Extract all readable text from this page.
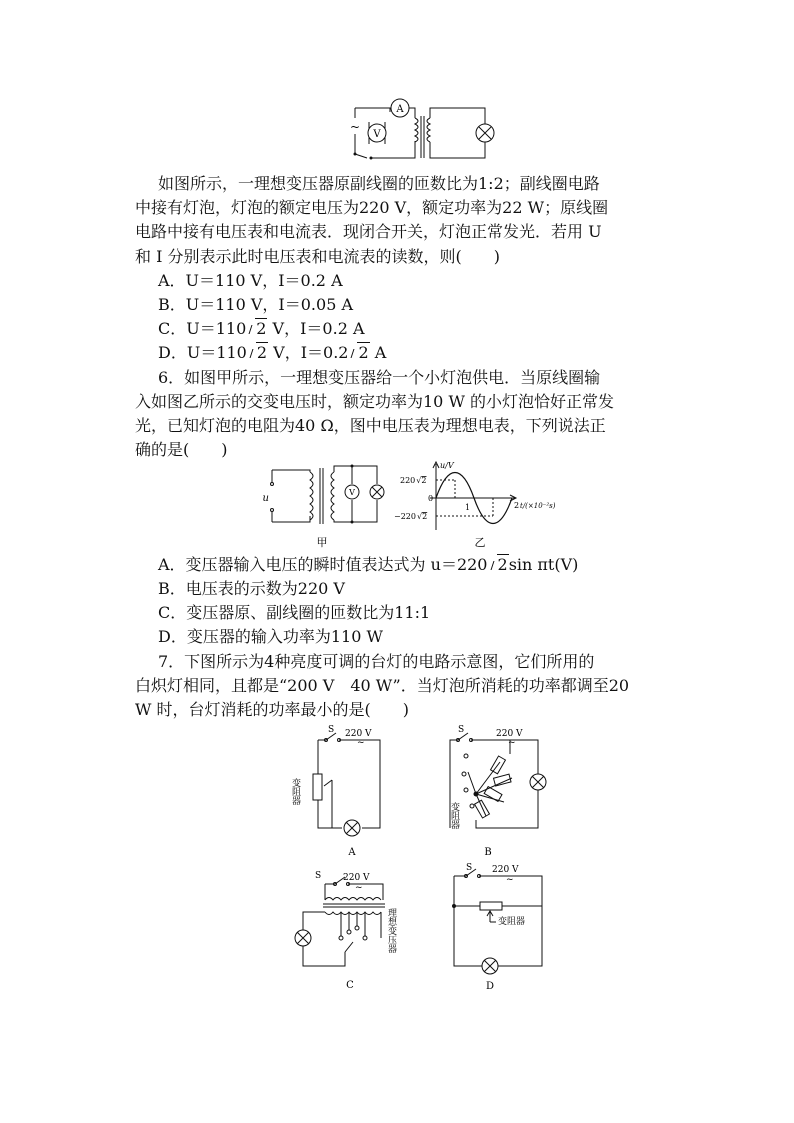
A
V
~
如图所示，一理想变压器原副线圈的匝数比为1:2；副线圈电路
中接有灯泡，灯泡的额定电压为220 V，额定功率为22 W；原线圈
电路中接有电压表和电流表．现闭合开关，灯泡正常发光．若用 U
和 I 分别表示此时电压表和电流表的读数，则(　　)
A．U＝110 V，I＝0.2 A
B．U＝110 V，I＝0.05 A
C．U＝110 2 V，I＝0.2 A
D．U＝110 2 V，I＝0.2 2 A
6．如图甲所示，一理想变压器给一个小灯泡供电．当原线圈输
入如图乙所示的交变电压时，额定功率为10 W 的小灯泡恰好正常发
光，已知灯泡的电阻为40 Ω，图中电压表为理想电表，下列说法正
确的是(　　)
u
V
甲
u/V
220√2
0
−220√2
1	2 t/(×10⁻²s)
乙
A．变压器输入电压的瞬时值表达式为 u＝220 2sin πt(V)
B．电压表的示数为220 V
C．变压器原、副线圈的匝数比为11:1
D．变压器的输入功率为110 W
7．下图所示为4种亮度可调的台灯的电路示意图，它们所用的
白炽灯相同，且都是“200 V　40 W”．当灯泡所消耗的功率都调至20
W 时，台灯消耗的功率最小的是(　　)
S 220 V
~
变阻器
A
S	220 V
~
变阻器
B
S 220 V
~
理想变压器
C
S 220 V
~
变阻器
D
